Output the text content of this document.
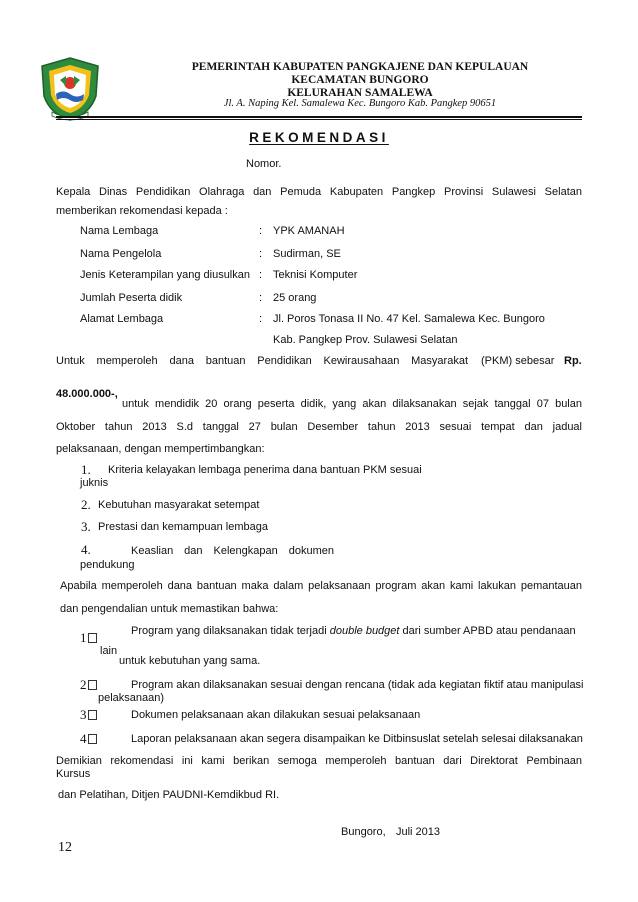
PEMERINTAH KABUPATEN PANGKAJENE DAN KEPULAUAN
KECAMATAN BUNGORO
KELURAHAN SAMALEWA
Jl. A. Naping Kel. Samalewa Kec. Bungoro Kab. Pangkep 90651
REKOMENDASI
Nomor.
Kepala Dinas Pendidikan Olahraga dan Pemuda Kabupaten Pangkep Provinsi Sulawesi Selatan
memberikan rekomendasi kepada :
Nama Lembaga	: YPK AMANAH
Nama Pengelola	: Sudirman, SE
Jenis Keterampilan yang diusulkan : Teknisi Komputer
Jumlah Peserta didik	: 25 orang
Alamat Lembaga	: Jl. Poros Tonasa II No. 47 Kel. Samalewa Kec. Bungoro
Kab. Pangkep Prov. Sulawesi Selatan
Untuk memperoleh dana bantuan Pendidikan Kewirausahaan Masyarakat (PKM) sebesar Rp.
48.000.000-,
untuk mendidik 20 orang peserta didik, yang akan dilaksanakan sejak tanggal 07 bulan
Oktober tahun 2013 S.d tanggal 27 bulan Desember tahun 2013 sesuai tempat dan jadual
pelaksanaan, dengan mempertimbangkan:
1. Kriteria kelayakan lembaga penerima dana bantuan PKM sesuai
juknis
2. Kebutuhan masyarakat setempat
3. Prestasi dan kemampuan lembaga
4.	Keaslian dan Kelengkapan dokumen
pendukung
Apabila memperoleh dana bantuan maka dalam pelaksanaan program akan kami lakukan pemantauan
dan pengendalian untuk memastikan bahwa:
1	Program yang dilaksanakan tidak terjadi double budget dari sumber APBD atau pendanaan
lain
untuk kebutuhan yang sama.
2	Program akan dilaksanakan sesuai dengan rencana (tidak ada kegiatan fiktif atau manipulasi
pelaksanaan)
3	Dokumen pelaksanaan akan dilakukan sesuai pelaksanaan
4	Laporan pelaksanaan akan segera disampaikan ke Ditbinsuslat setelah selesai dilaksanakan
Demikian rekomendasi ini kami berikan semoga memperoleh bantuan dari Direktorat Pembinaan
Kursus
dan Pelatihan, Ditjen PAUDNI-Kemdikbud RI.
Bungoro, Juli 2013
12
